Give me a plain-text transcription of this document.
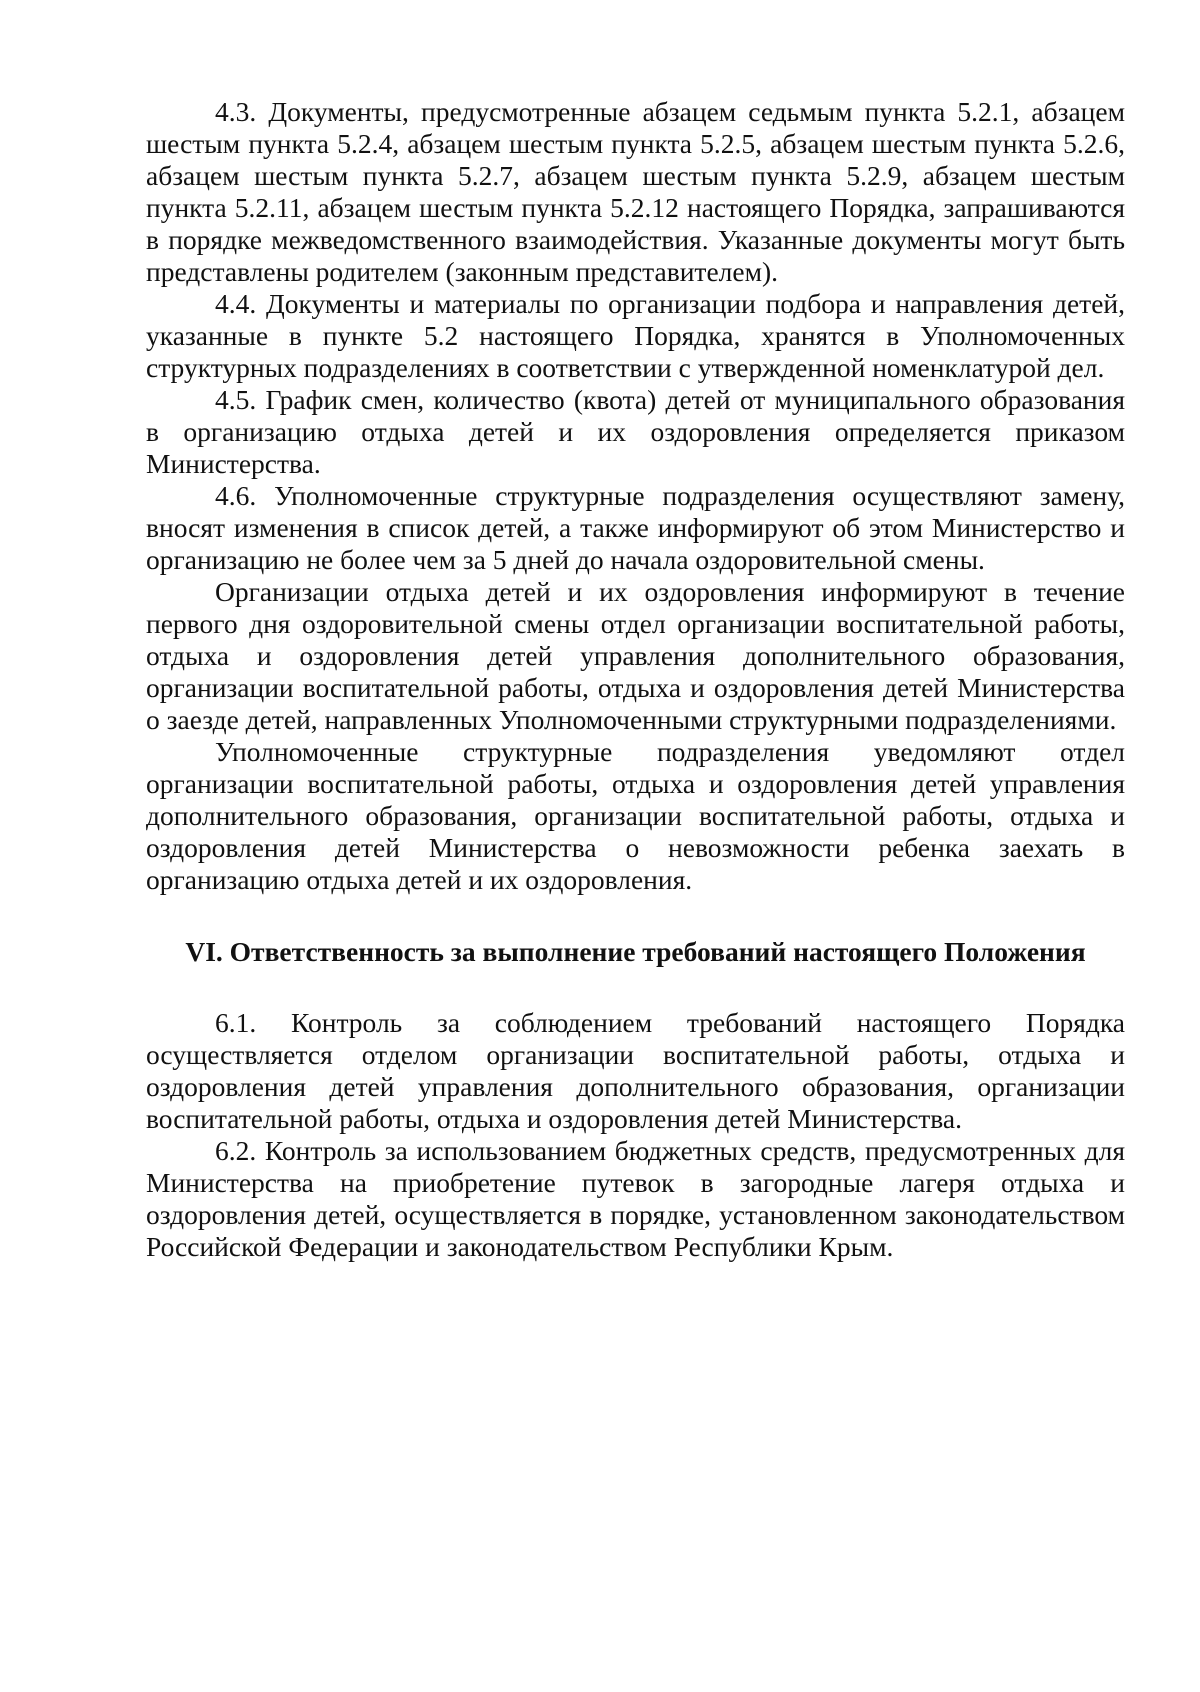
4.3. Документы, предусмотренные абзацем седьмым пункта 5.2.1, абзацем шестым пункта 5.2.4, абзацем шестым пункта 5.2.5, абзацем шестым пункта 5.2.6, абзацем шестым пункта 5.2.7, абзацем шестым пункта 5.2.9, абзацем шестым пункта 5.2.11, абзацем шестым пункта 5.2.12 настоящего Порядка, запрашиваются в порядке межведомственного взаимодействия. Указанные документы могут быть представлены родителем (законным представителем).

4.4. Документы и материалы по организации подбора и направления детей, указанные в пункте 5.2 настоящего Порядка, хранятся в Уполномоченных структурных подразделениях в соответствии с утвержденной номенклатурой дел.

4.5. График смен, количество (квота) детей от муниципального образования в организацию отдыха детей и их оздоровления определяется приказом Министерства.

4.6. Уполномоченные структурные подразделения осуществляют замену, вносят изменения в список детей, а также информируют об этом Министерство и организацию не более чем за 5 дней до начала оздоровительной смены.

Организации отдыха детей и их оздоровления информируют в течение первого дня оздоровительной смены отдел организации воспитательной работы, отдыха и оздоровления детей управления дополнительного образования, организации воспитательной работы, отдыха и оздоровления детей Министерства о заезде детей, направленных Уполномоченными структурными подразделениями.

Уполномоченные структурные подразделения уведомляют отдел организации воспитательной работы, отдыха и оздоровления детей управления дополнительного образования, организации воспитательной работы, отдыха и оздоровления детей Министерства о невозможности ребенка заехать в организацию отдыха детей и их оздоровления.

VI. Ответственность за выполнение требований настоящего Положения

6.1. Контроль за соблюдением требований настоящего Порядка осуществляется отделом организации воспитательной работы, отдыха и оздоровления детей управления дополнительного образования, организации воспитательной работы, отдыха и оздоровления детей Министерства.

6.2. Контроль за использованием бюджетных средств, предусмотренных для Министерства на приобретение путевок в загородные лагеря отдыха и оздоровления детей, осуществляется в порядке, установленном законодательством Российской Федерации и законодательством Республики Крым.
